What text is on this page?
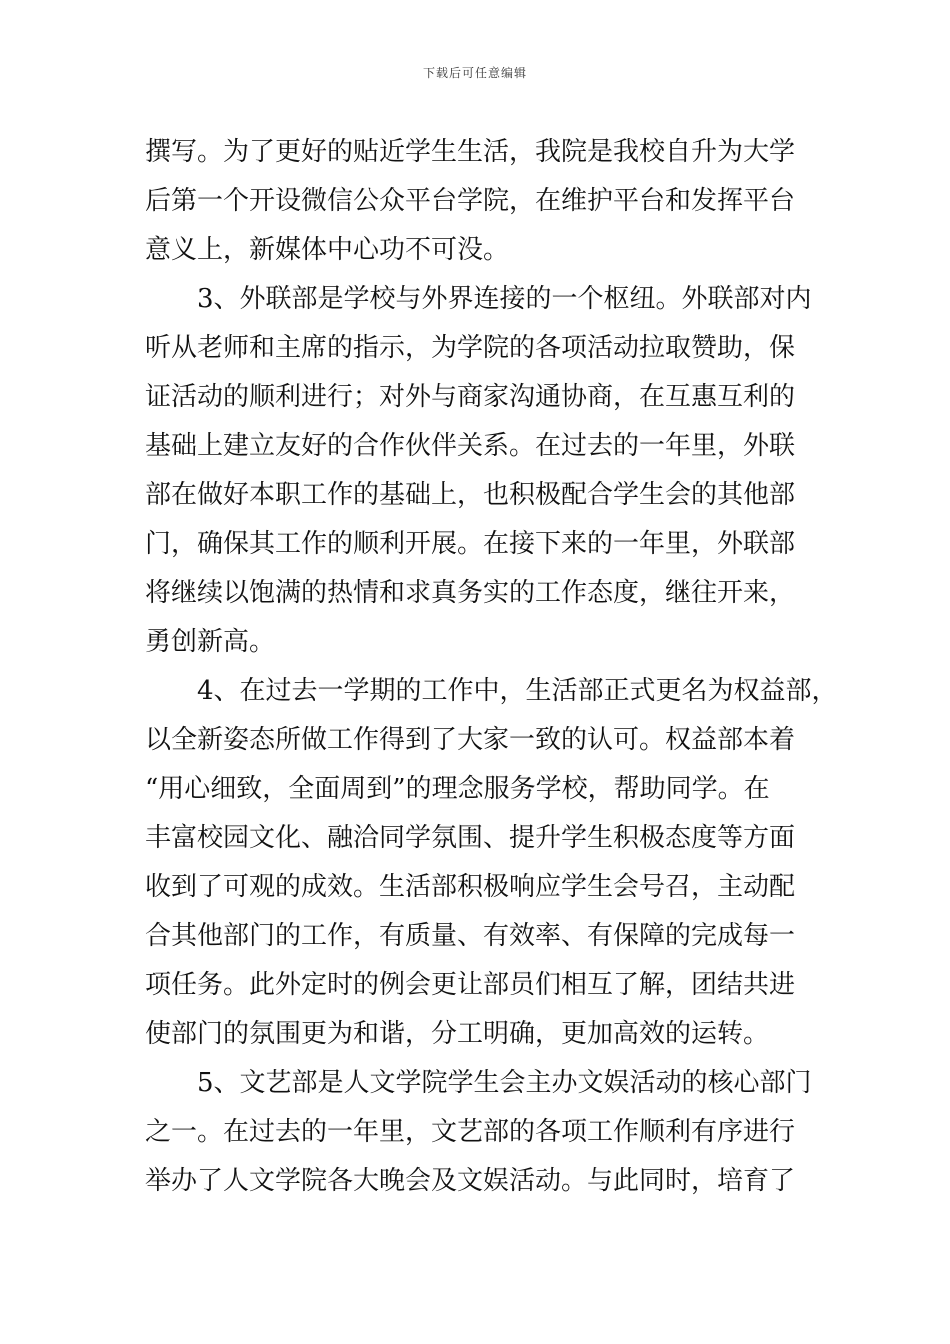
下载后可任意编辑
撰写。为了更好的贴近学生生活，我院是我校自升为大学
后第一个开设微信公众平台学院，在维护平台和发挥平台
意义上，新媒体中心功不可没。
3、外联部是学校与外界连接的一个枢纽。外联部对内
听从老师和主席的指示，为学院的各项活动拉取赞助，保
证活动的顺利进行；对外与商家沟通协商，在互惠互利的
基础上建立友好的合作伙伴关系。在过去的一年里，外联
部在做好本职工作的基础上，也积极配合学生会的其他部
门，确保其工作的顺利开展。在接下来的一年里，外联部
将继续以饱满的热情和求真务实的工作态度，继往开来，
勇创新高。
4、在过去一学期的工作中，生活部正式更名为权益部，
以全新姿态所做工作得到了大家一致的认可。权益部本着
“用心细致，全面周到”的理念服务学校，帮助同学。在
丰富校园文化、融洽同学氛围、提升学生积极态度等方面
收到了可观的成效。生活部积极响应学生会号召，主动配
合其他部门的工作，有质量、有效率、有保障的完成每一
项任务。此外定时的例会更让部员们相互了解，团结共进
使部门的氛围更为和谐，分工明确，更加高效的运转。
5、文艺部是人文学院学生会主办文娱活动的核心部门
之一。在过去的一年里，文艺部的各项工作顺利有序进行
举办了人文学院各大晚会及文娱活动。与此同时，培育了
